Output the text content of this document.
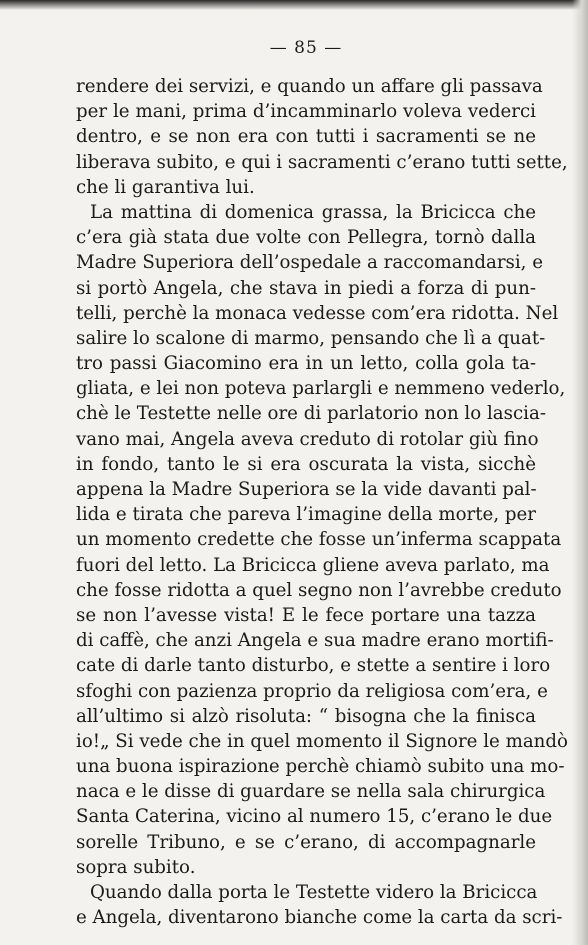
— 85 —
rendere dei servizi, e quando un affare gli passava
per le mani, prima d’incamminarlo voleva vederci
dentro, e se non era con tutti i sacramenti se ne
liberava subito, e qui i sacramenti c’erano tutti sette,
che li garantiva lui.
La mattina di domenica grassa, la Bricicca che
c’era già stata due volte con Pellegra, tornò dalla
Madre Superiora dell’ospedale a raccomandarsi, e
si portò Angela, che stava in piedi a forza di pun-
telli, perchè la monaca vedesse com’era ridotta. Nel
salire lo scalone di marmo, pensando che lì a quat-
tro passi Giacomino era in un letto, colla gola ta-
gliata, e lei non poteva parlargli e nemmeno vederlo,
chè le Testette nelle ore di parlatorio non lo lascia-
vano mai, Angela aveva creduto di rotolar giù fino
in fondo, tanto le si era oscurata la vista, sicchè
appena la Madre Superiora se la vide davanti pal-
lida e tirata che pareva l’imagine della morte, per
un momento credette che fosse un’inferma scappata
fuori del letto. La Bricicca gliene aveva parlato, ma
che fosse ridotta a quel segno non l’avrebbe creduto
se non l’avesse vista! E le fece portare una tazza
di caffè, che anzi Angela e sua madre erano mortifi-
cate di darle tanto disturbo, e stette a sentire i loro
sfoghi con pazienza proprio da religiosa com’era, e
all’ultimo si alzò risoluta: “ bisogna che la finisca
io!„ Si vede che in quel momento il Signore le mandò
una buona ispirazione perchè chiamò subito una mo-
naca e le disse di guardare se nella sala chirurgica
Santa Caterina, vicino al numero 15, c’erano le due
sorelle Tribuno, e se c’erano, di accompagnarle
sopra subito.
Quando dalla porta le Testette videro la Bricicca
e Angela, diventarono bianche come la carta da scri-
